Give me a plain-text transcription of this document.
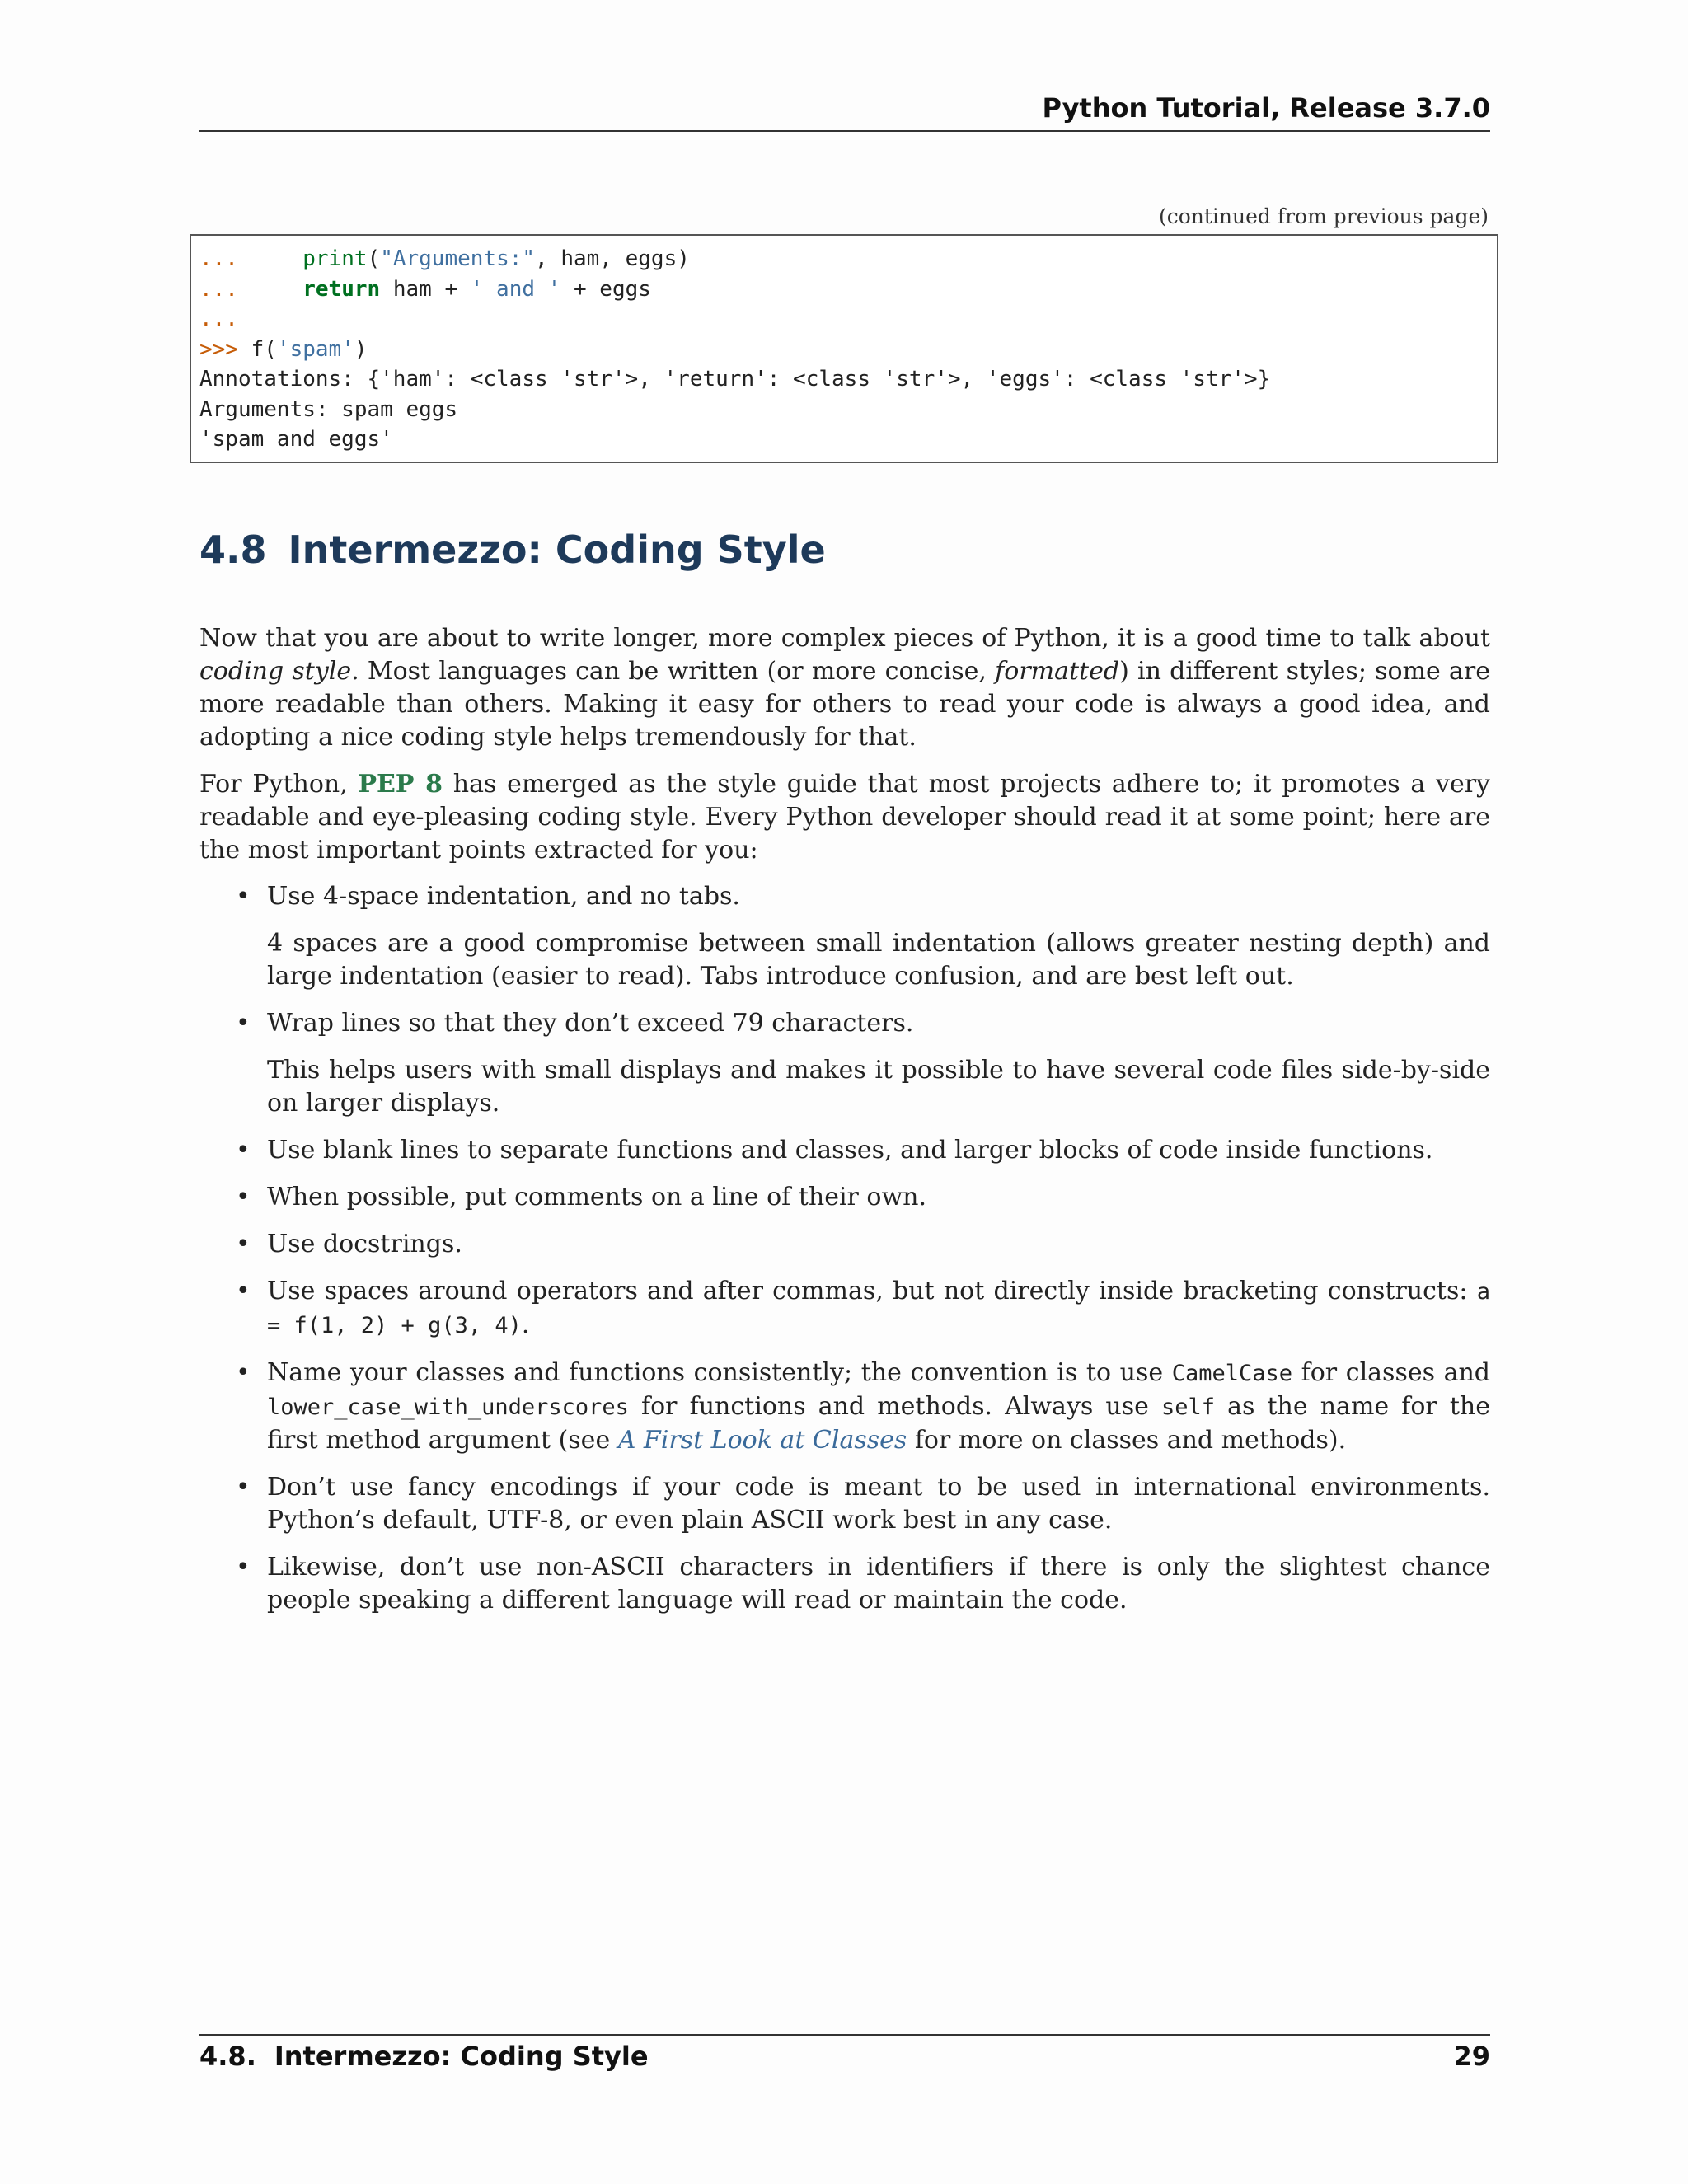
Python Tutorial, Release 3.7.0
(continued from previous page)
...	print("Arguments:", ham, eggs)
...	return ham + ' and ' + eggs
...
>>> f('spam')
Annotations: {'ham': <class 'str'>, 'return': <class 'str'>, 'eggs': <class 'str'>}
Arguments: spam eggs
'spam and eggs'
4.8 Intermezzo: Coding Style
Now that you are about to write longer, more complex pieces of Python, it is a good time to talk about coding style. Most languages can be written (or more concise, formatted) in different styles; some are more readable than others. Making it easy for others to read your code is always a good idea, and adopting a nice coding style helps tremendously for that.
For Python, PEP 8 has emerged as the style guide that most projects adhere to; it promotes a very readable and eye-pleasing coding style. Every Python developer should read it at some point; here are the most important points extracted for you:
• Use 4-space indentation, and no tabs.
4 spaces are a good compromise between small indentation (allows greater nesting depth) and large indentation (easier to read). Tabs introduce confusion, and are best left out.
• Wrap lines so that they don’t exceed 79 characters.
This helps users with small displays and makes it possible to have several code files side-by-side on larger displays.
• Use blank lines to separate functions and classes, and larger blocks of code inside functions.
• When possible, put comments on a line of their own.
• Use docstrings.
• Use spaces around operators and after commas, but not directly inside bracketing constructs: a = f(1, 2) + g(3, 4).
• Name your classes and functions consistently; the convention is to use CamelCase for classes and lower_case_with_underscores for functions and methods. Always use self as the name for the first method argument (see A First Look at Classes for more on classes and methods).
• Don’t use fancy encodings if your code is meant to be used in international environments. Python’s default, UTF-8, or even plain ASCII work best in any case.
• Likewise, don’t use non-ASCII characters in identifiers if there is only the slightest chance people speaking a different language will read or maintain the code.
4.8. Intermezzo: Coding Style	29
